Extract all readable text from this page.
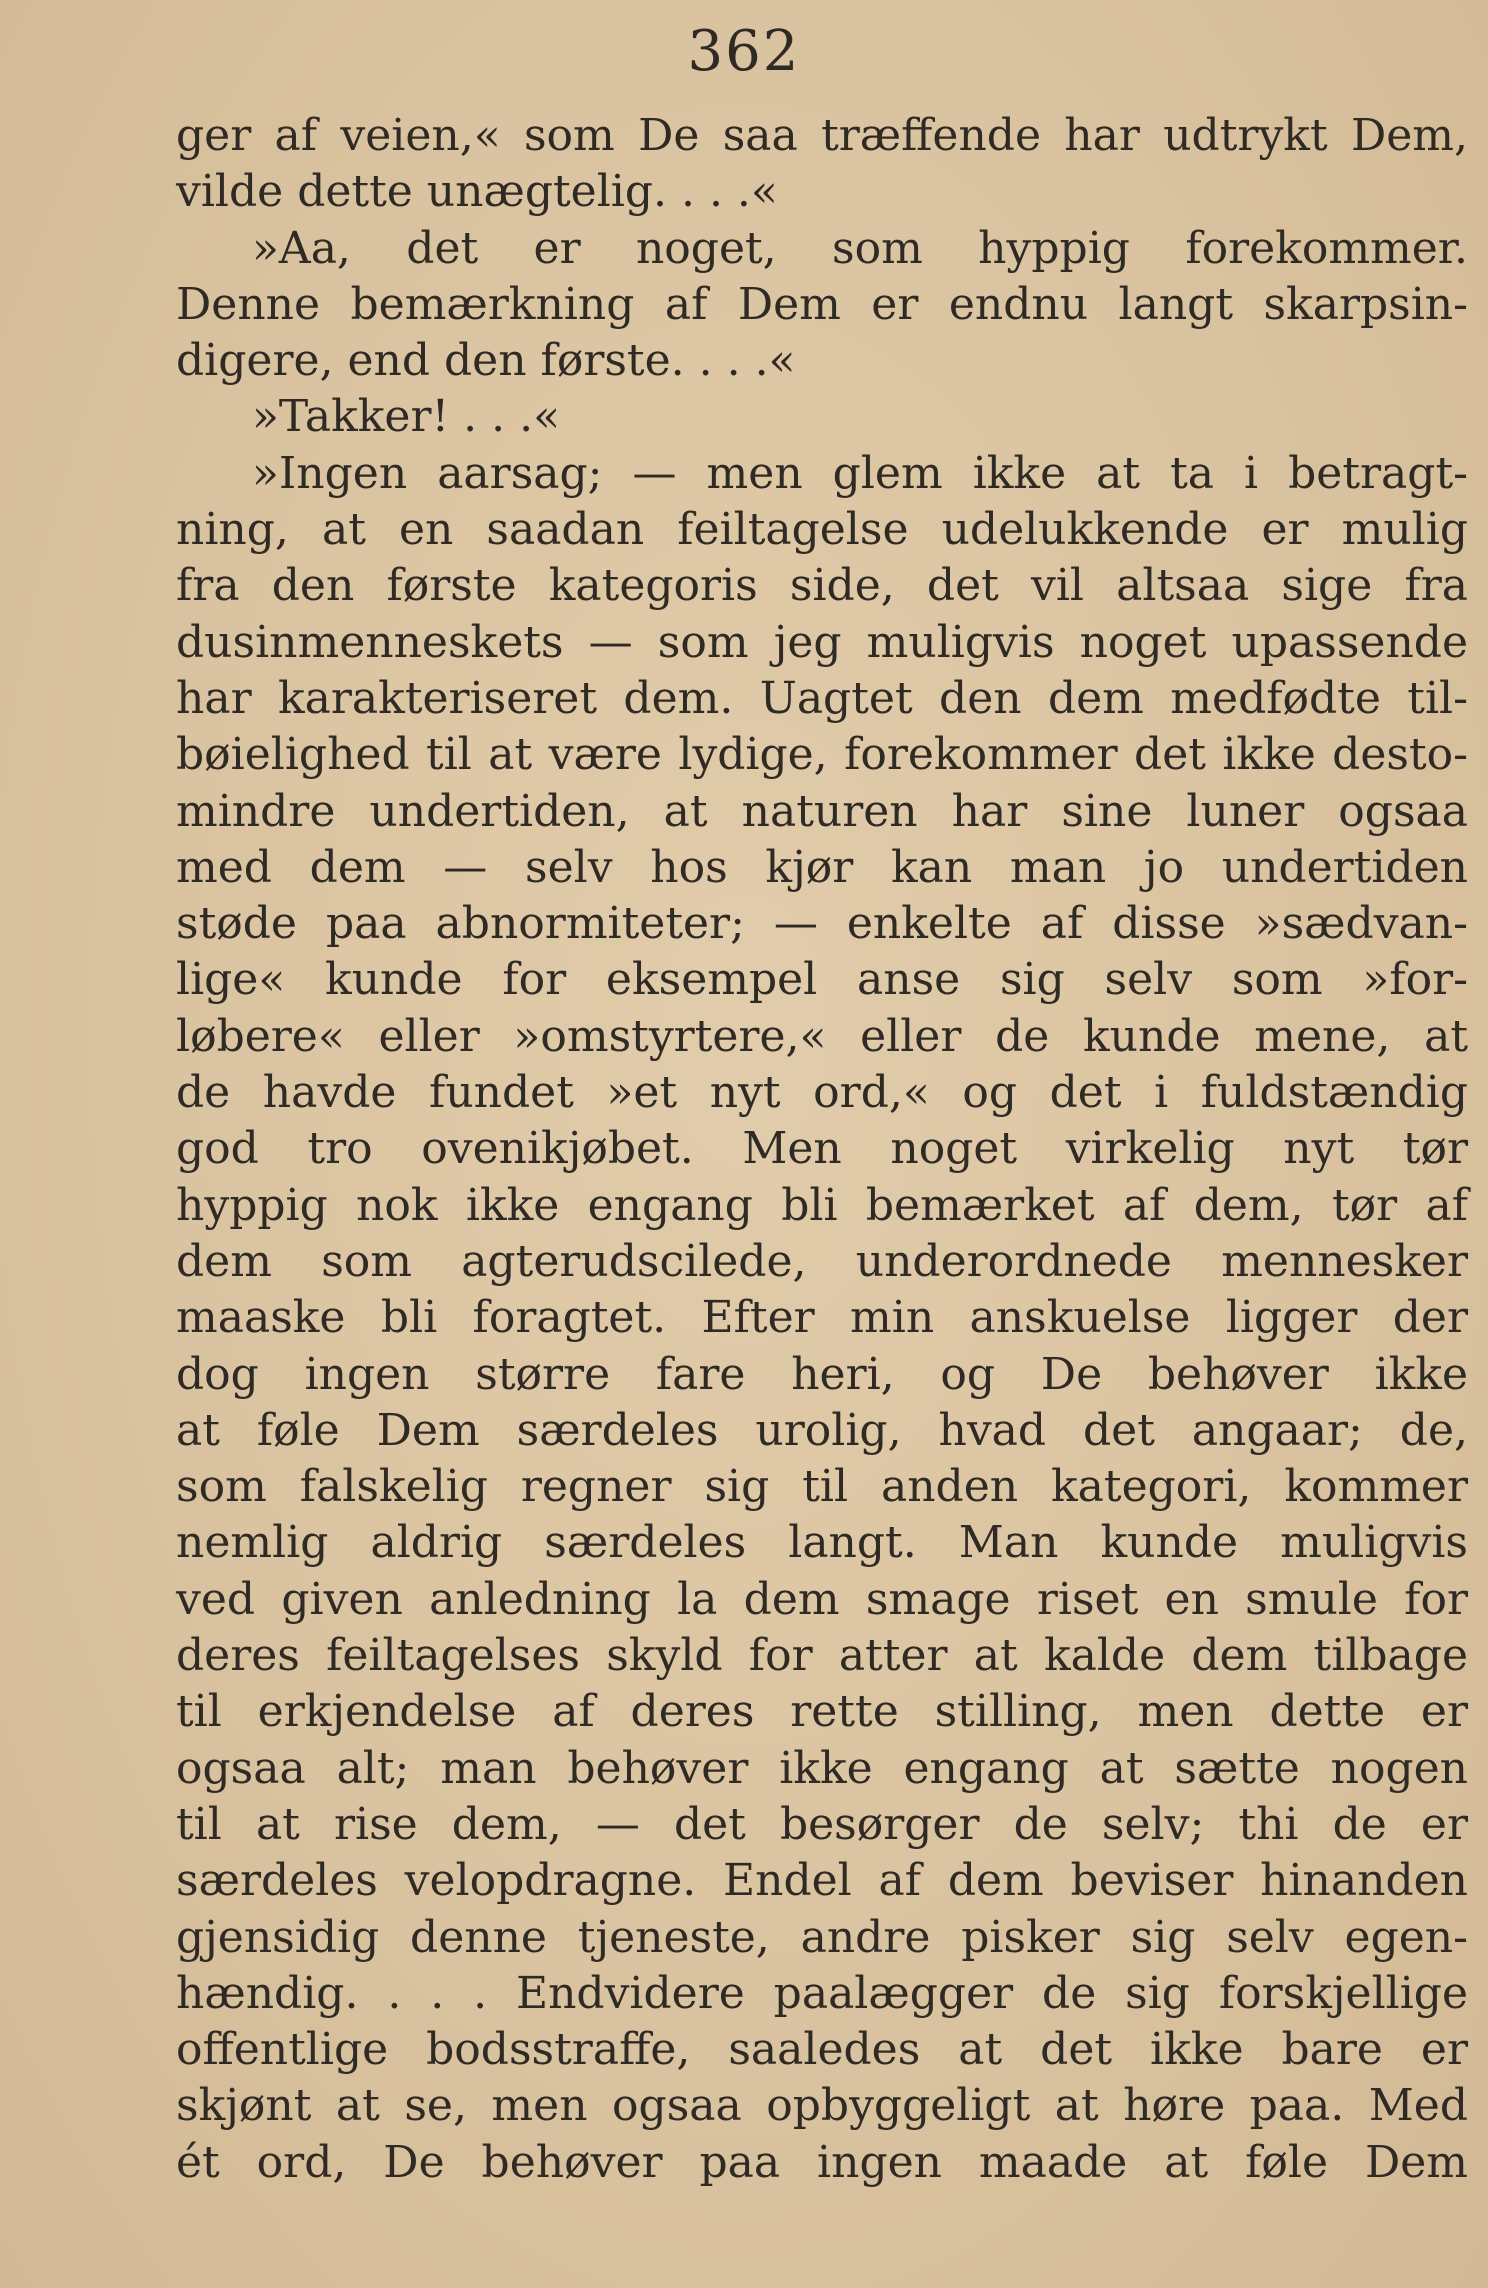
362
ger af veien,« som De saa træffende har udtrykt Dem,
vilde dette unægtelig. . . .«
»Aa, det er noget, som hyppig forekommer.
Denne bemærkning af Dem er endnu langt skarpsin-
digere, end den første. . . .«
»Takker! . . .«
»Ingen aarsag; — men glem ikke at ta i betragt-
ning, at en saadan feiltagelse udelukkende er mulig
fra den første kategoris side, det vil altsaa sige fra
dusinmenneskets — som jeg muligvis noget upassende
har karakteriseret dem. Uagtet den dem medfødte til-
bøielighed til at være lydige, forekommer det ikke desto-
mindre undertiden, at naturen har sine luner ogsaa
med dem — selv hos kjør kan man jo undertiden
støde paa abnormiteter; — enkelte af disse »sædvan-
lige« kunde for eksempel anse sig selv som »for-
løbere« eller »omstyrtere,« eller de kunde mene, at
de havde fundet »et nyt ord,« og det i fuldstændig
god tro ovenikjøbet. Men noget virkelig nyt tør
hyppig nok ikke engang bli bemærket af dem, tør af
dem som agterudscilede, underordnede mennesker
maaske bli foragtet. Efter min anskuelse ligger der
dog ingen større fare heri, og De behøver ikke
at føle Dem særdeles urolig, hvad det angaar; de,
som falskelig regner sig til anden kategori, kommer
nemlig aldrig særdeles langt. Man kunde muligvis
ved given anledning la dem smage riset en smule for
deres feiltagelses skyld for atter at kalde dem tilbage
til erkjendelse af deres rette stilling, men dette er
ogsaa alt; man behøver ikke engang at sætte nogen
til at rise dem, — det besørger de selv; thi de er
særdeles velopdragne. Endel af dem beviser hinanden
gjensidig denne tjeneste, andre pisker sig selv egen-
hændig. . . . Endvidere paalægger de sig forskjellige
offentlige bodsstraffe, saaledes at det ikke bare er
skjønt at se, men ogsaa opbyggeligt at høre paa. Med
ét ord, De behøver paa ingen maade at føle Dem
